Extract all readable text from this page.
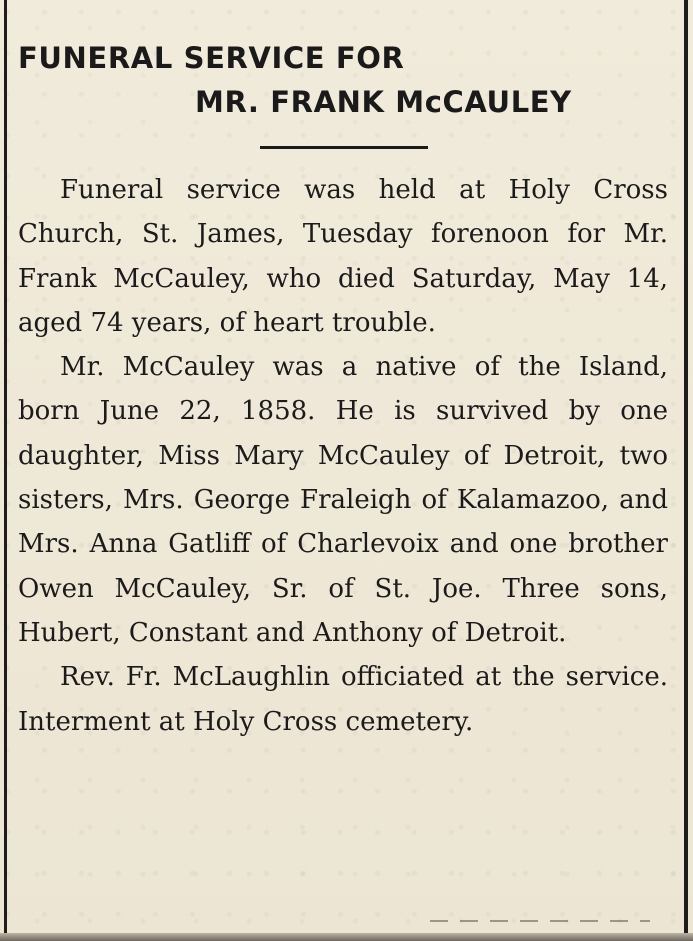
FUNERAL SERVICE FOR
MR. FRANK McCAULEY

Funeral service was held at Holy Cross Church, St. James, Tuesday forenoon for Mr. Frank McCauley, who died Saturday, May 14, aged 74 years, of heart trouble.

Mr. McCauley was a native of the Island, born June 22, 1858. He is survived by one daughter, Miss Mary McCauley of Detroit, two sisters, Mrs. George Fraleigh of Kalamazoo, and Mrs. Anna Gatliff of Charlevoix and one brother Owen McCauley, Sr. of St. Joe. Three sons, Hubert, Constant and Anthony of Detroit.

Rev. Fr. McLaughlin officiated at the service. Interment at Holy Cross cemetery.
